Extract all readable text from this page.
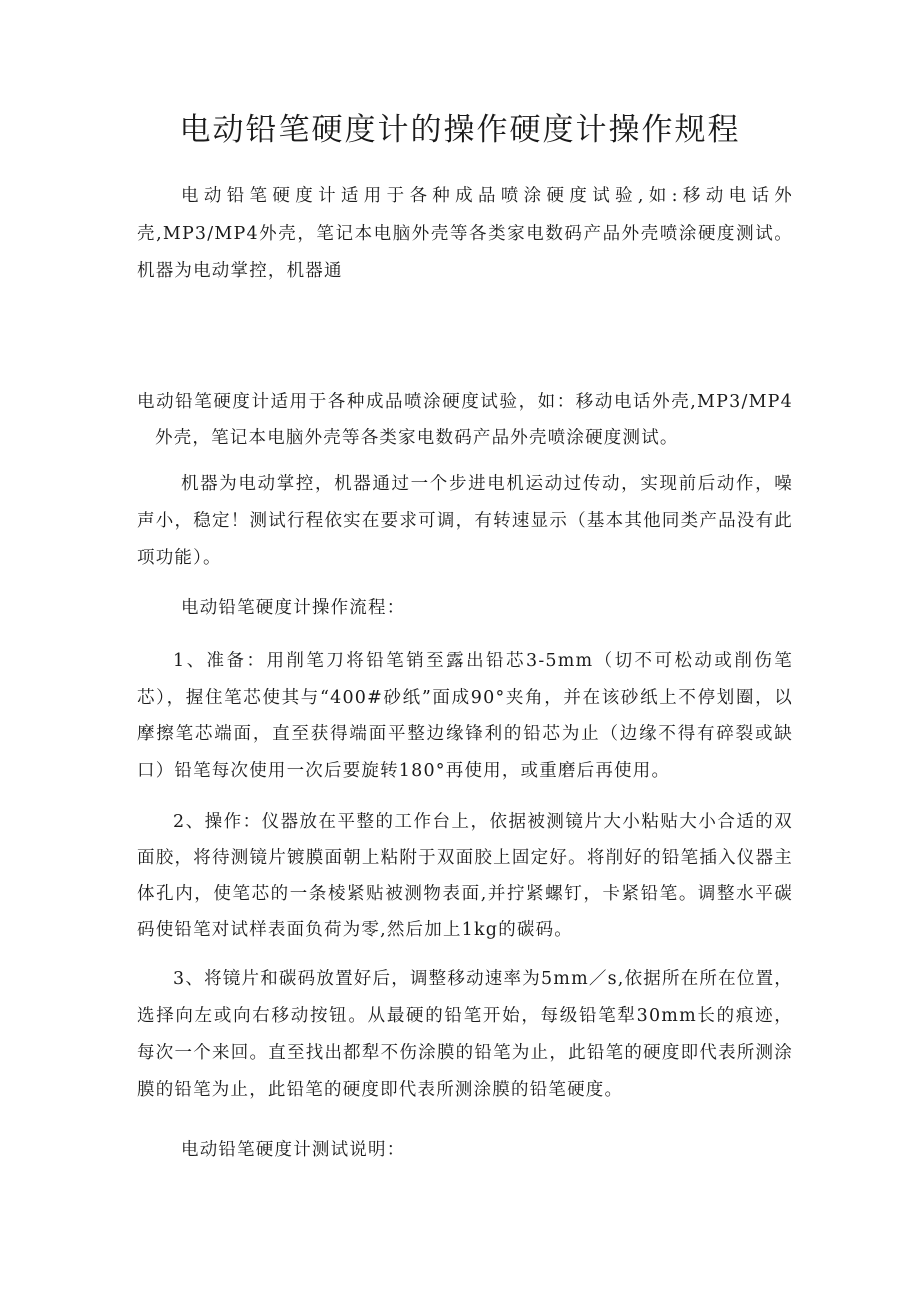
电动铅笔硬度计的操作硬度计操作规程

电动铅笔硬度计适用于各种成品喷涂硬度试验,如:移动电话外壳,MP3/MP4外壳，笔记本电脑外壳等各类家电数码产品外壳喷涂硬度测试。机器为电动掌控，机器通

电动铅笔硬度计适用于各种成品喷涂硬度试验，如：移动电话外壳,MP3/MP4外壳，笔记本电脑外壳等各类家电数码产品外壳喷涂硬度测试。

机器为电动掌控，机器通过一个步进电机运动过传动，实现前后动作，噪声小，稳定！测试行程依实在要求可调，有转速显示（基本其他同类产品没有此项功能）。

电动铅笔硬度计操作流程：

1、准备：用削笔刀将铅笔销至露出铅芯3-5mm（切不可松动或削伤笔芯），握住笔芯使其与“400#砂纸”面成90°夹角，并在该砂纸上不停划圈，以摩擦笔芯端面，直至获得端面平整边缘锋利的铅芯为止（边缘不得有碎裂或缺口）铅笔每次使用一次后要旋转180°再使用，或重磨后再使用。

2、操作：仪器放在平整的工作台上，依据被测镜片大小粘贴大小合适的双面胶，将待测镜片镀膜面朝上粘附于双面胶上固定好。将削好的铅笔插入仪器主体孔内，使笔芯的一条棱紧贴被测物表面,并拧紧螺钉，卡紧铅笔。调整水平碳码使铅笔对试样表面负荷为零,然后加上1kg的碳码。

3、将镜片和碳码放置好后，调整移动速率为5mm／s,依据所在所在位置，选择向左或向右移动按钮。从最硬的铅笔开始，每级铅笔犁30mm长的痕迹，每次一个来回。直至找出都犁不伤涂膜的铅笔为止，此铅笔的硬度即代表所测涂膜的铅笔为止，此铅笔的硬度即代表所测涂膜的铅笔硬度。

电动铅笔硬度计测试说明：
